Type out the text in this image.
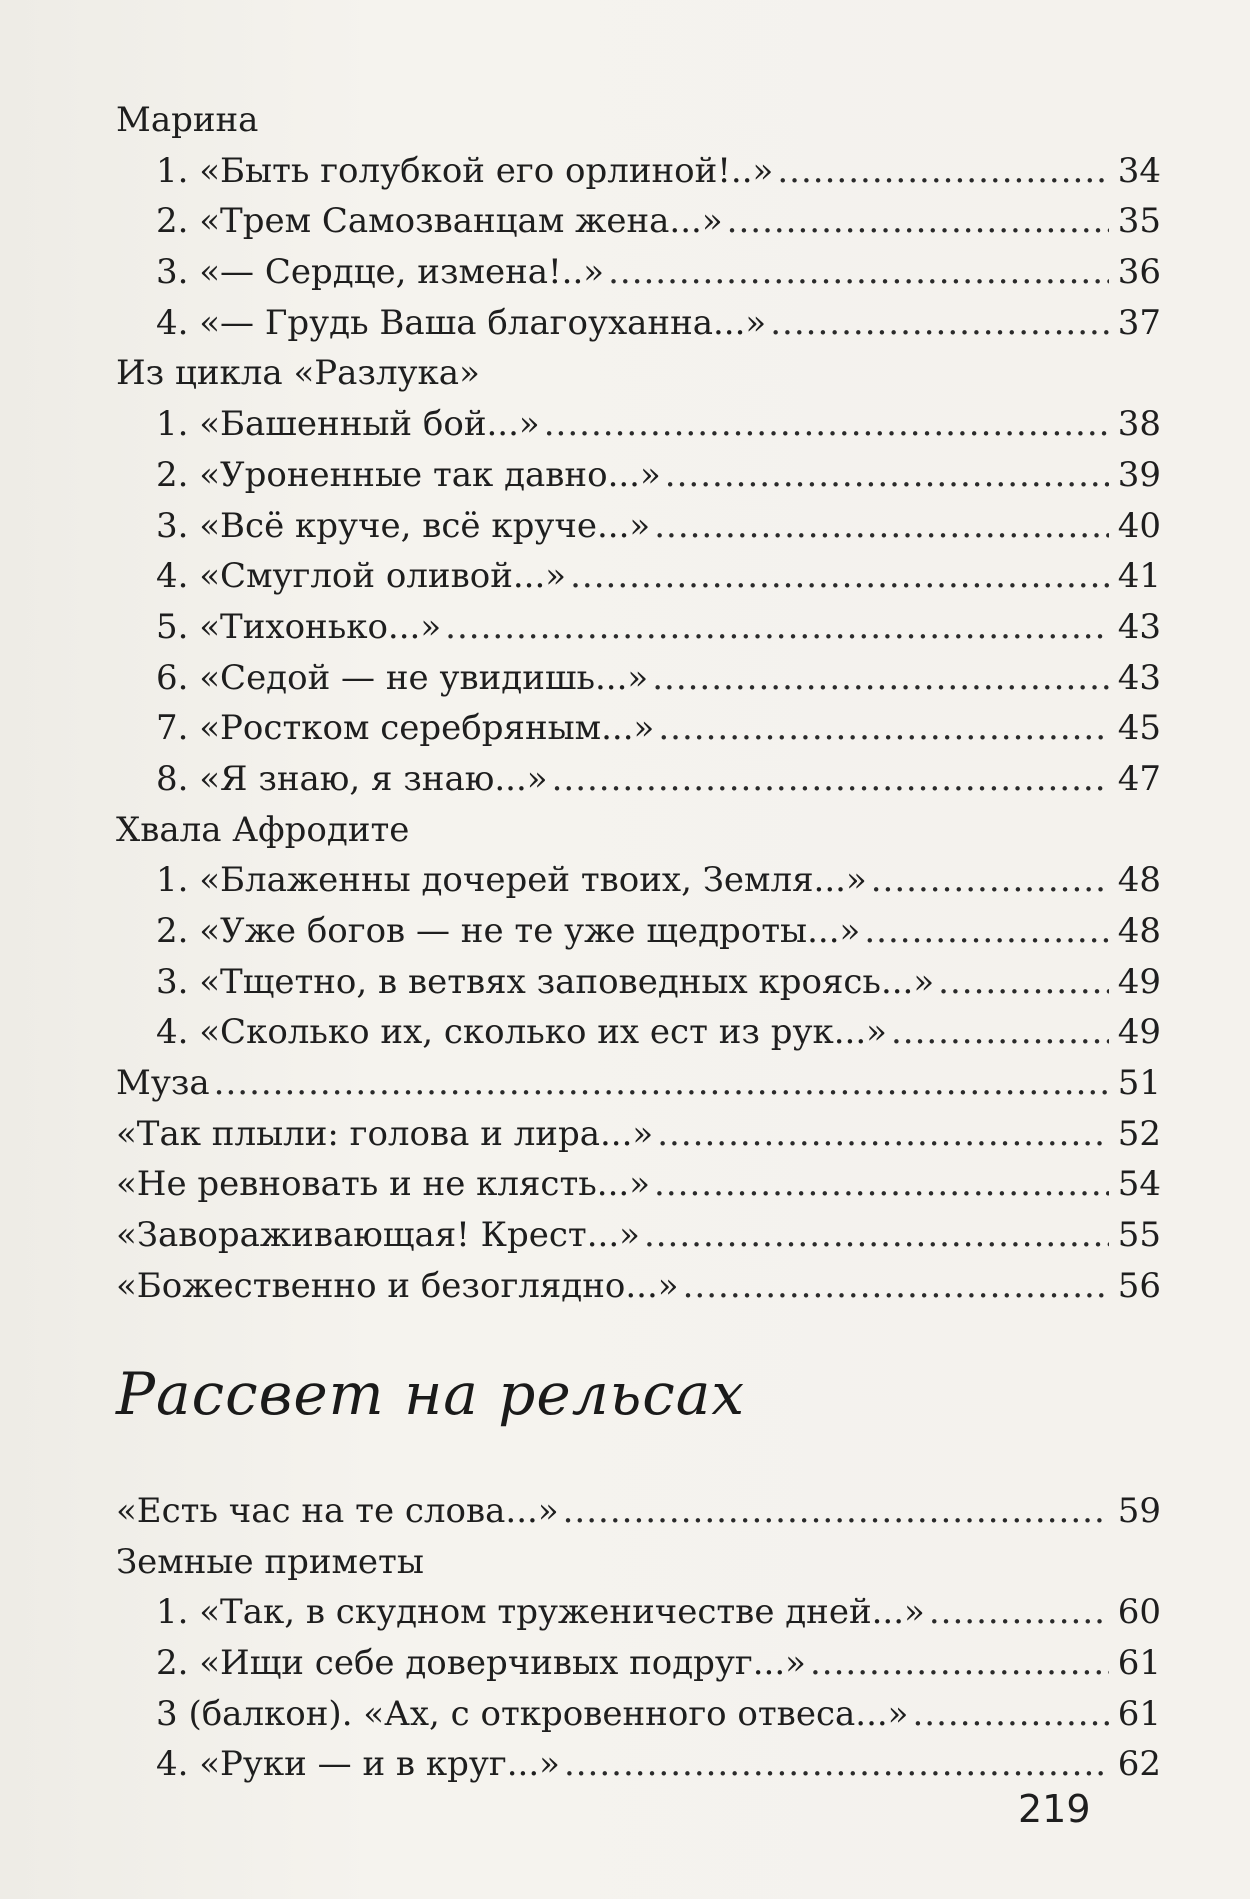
Марина
1. «Быть голубкой его орлиной!..» .....	34
2. «Трем Самозванцам жена...» .....	35
3. «— Сердце, измена!..» .....	36
4. «— Грудь Ваша благоуханна...» .....	37
Из цикла «Разлука»
1. «Башенный бой...» .....	38
2. «Уроненные так давно...» .....	39
3. «Всё круче, всё круче...» .....	40
4. «Смуглой оливой...» .....	41
5. «Тихонько...» .....	43
6. «Седой — не увидишь...» .....	43
7. «Ростком серебряным...» .....	45
8. «Я знаю, я знаю...» .....	47
Хвала Афродите
1. «Блаженны дочерей твоих, Земля...» .....	48
2. «Уже богов — не те уже щедроты...» .....	48
3. «Тщетно, в ветвях заповедных кроясь...» .....	49
4. «Сколько их, сколько их ест из рук...» .....	49
Муза .....	51
«Так плыли: голова и лира...» .....	52
«Не ревновать и не клясть...» .....	54
«Завораживающая! Крест...» .....	55
«Божественно и безоглядно...» .....	56
Рассвет на рельсах
«Есть час на те слова...» .....	59
Земные приметы
1. «Так, в скудном труженичестве дней...» .....	60
2. «Ищи себе доверчивых подруг...» .....	61
3 (балкон). «Ах, с откровенного отвеса...» .....	61
4. «Руки — и в круг...» .....	62
219
